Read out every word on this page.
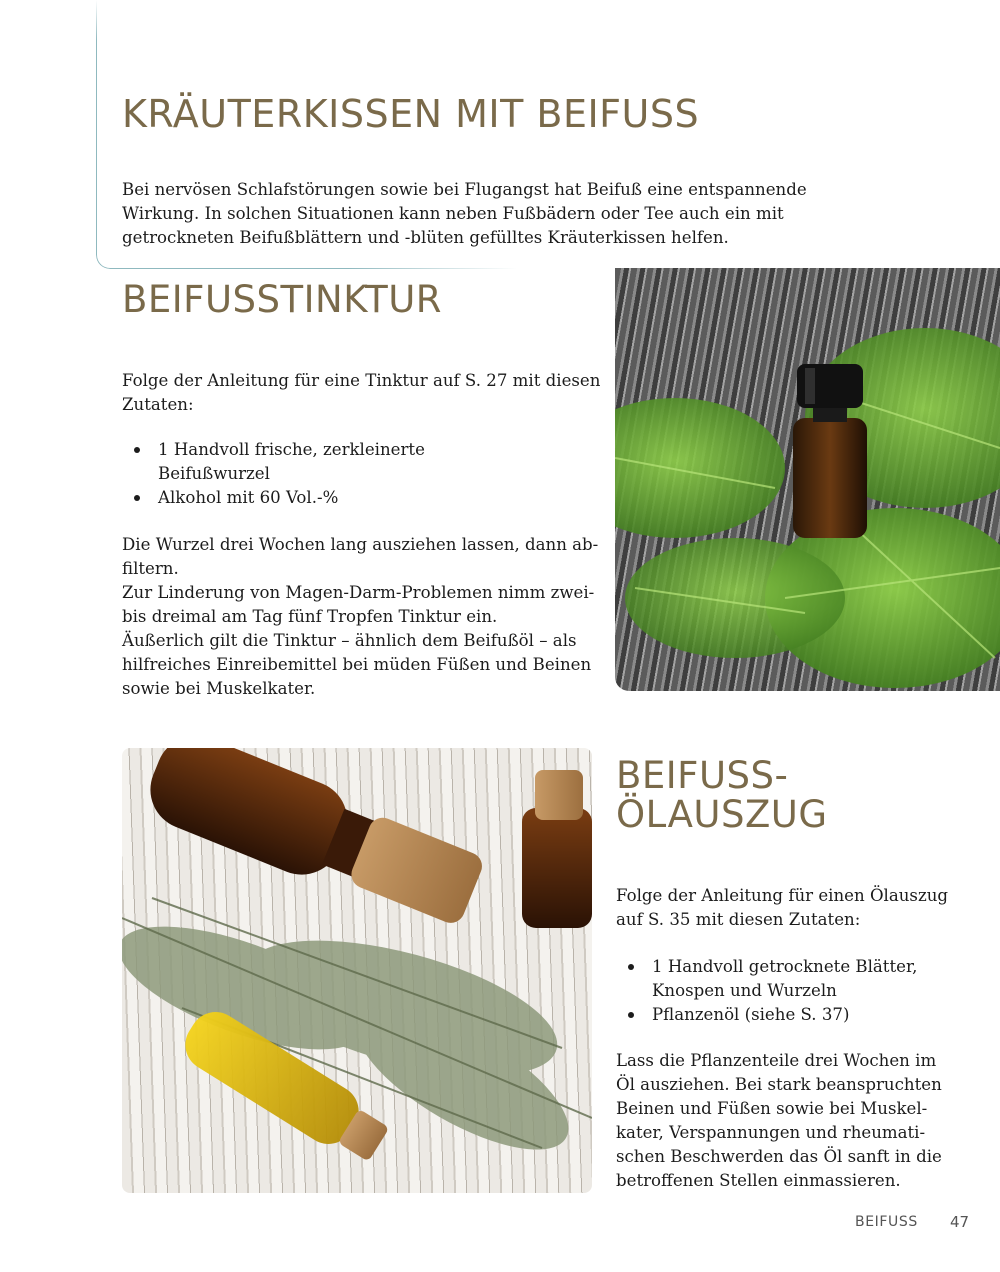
KRÄUTERKISSEN MIT BEIFUSS

Bei nervösen Schlafstörungen sowie bei Flugangst hat Beifuß eine entspannende
Wirkung. In solchen Situationen kann neben Fußbädern oder Tee auch ein mit
getrockneten Beifußblättern und -blüten gefülltes Kräuterkissen helfen.

BEIFUSSTINKTUR

Folge der Anleitung für eine Tinktur auf S. 27 mit diesen
Zutaten:

1 Handvoll frische, zerkleinerte
Beifußwurzel
Alkohol mit 60 Vol.-%

Die Wurzel drei Wochen lang ausziehen lassen, dann ab-
filtern.
Zur Linderung von Magen-Darm-Problemen nimm zwei-
bis dreimal am Tag fünf Tropfen Tinktur ein.
Äußerlich gilt die Tinktur – ähnlich dem Beifußöl – als
hilfreiches Einreibemittel bei müden Füßen und Beinen
sowie bei Muskelkater.

BEIFUSS-
ÖLAUSZUG

Folge der Anleitung für einen Ölauszug
auf S. 35 mit diesen Zutaten:

1 Handvoll getrocknete Blätter,
Knospen und Wurzeln
Pflanzenöl (siehe S. 37)

Lass die Pflanzenteile drei Wochen im
Öl ausziehen. Bei stark beanspruchten
Beinen und Füßen sowie bei Muskel-
kater, Verspannungen und rheumati-
schen Beschwerden das Öl sanft in die
betroffenen Stellen einmassieren.

BEIFUSS 47
